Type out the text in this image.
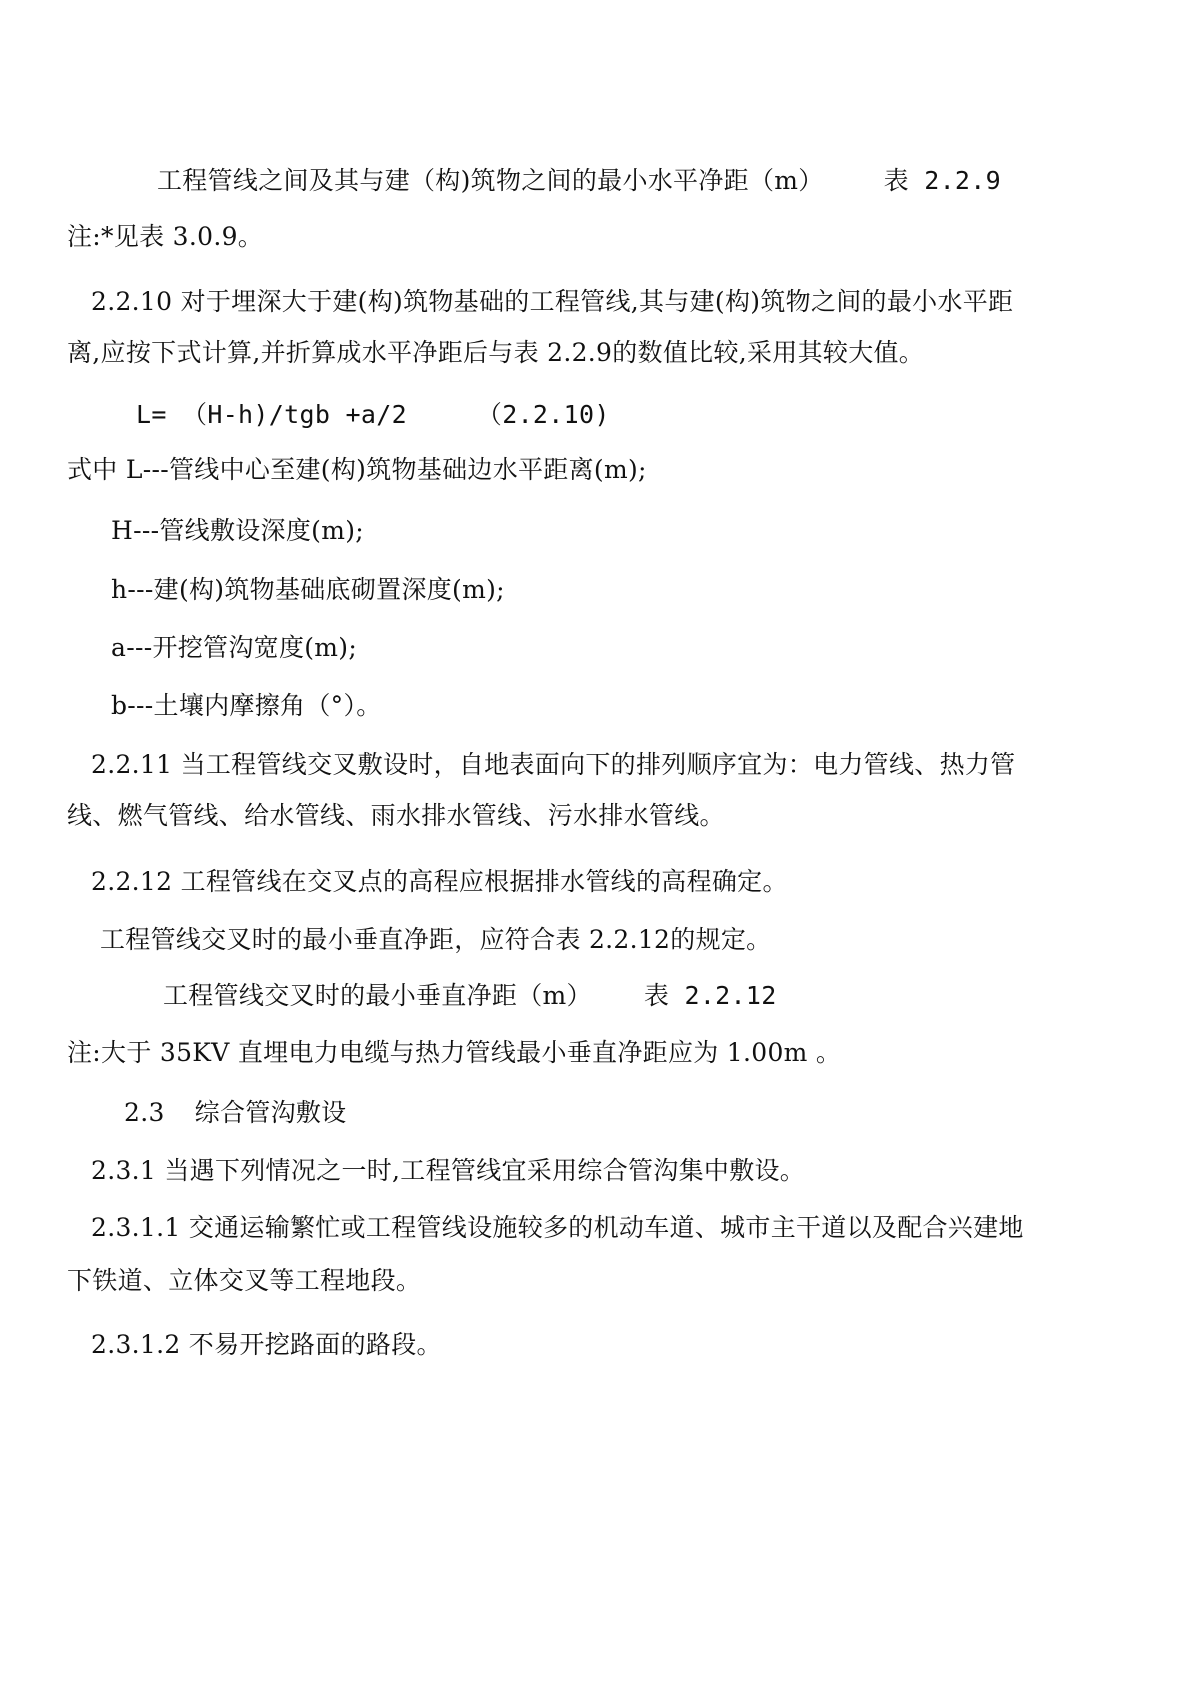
工程管线之间及其与建（构)筑物之间的最小水平净距（m） 表 2.2.9
注:*见表 3.0.9。
2.2.10 对于埋深大于建(构)筑物基础的工程管线,其与建(构)筑物之间的最小水平距
离,应按下式计算,并折算成水平净距后与表 2.2.9的数值比较,采用其较大值。
L= （H-h)/tgb +a/2	（2.2.10)
式中 L---管线中心至建(构)筑物基础边水平距离(m);
H---管线敷设深度(m);
h---建(构)筑物基础底砌置深度(m);
a---开挖管沟宽度(m);
b---土壤内摩擦角（°）。
2.2.11 当工程管线交叉敷设时，自地表面向下的排列顺序宜为：电力管线、热力管
线、燃气管线、给水管线、雨水排水管线、污水排水管线。
2.2.12 工程管线在交叉点的高程应根据排水管线的高程确定。
工程管线交叉时的最小垂直净距，应符合表 2.2.12的规定。
工程管线交叉时的最小垂直净距（m） 表 2.2.12
注:大于 35KV 直埋电力电缆与热力管线最小垂直净距应为 1.00m 。
2.3 综合管沟敷设
2.3.1 当遇下列情况之一时,工程管线宜采用综合管沟集中敷设。
2.3.1.1 交通运输繁忙或工程管线设施较多的机动车道、城市主干道以及配合兴建地
下铁道、立体交叉等工程地段。
2.3.1.2 不易开挖路面的路段。
